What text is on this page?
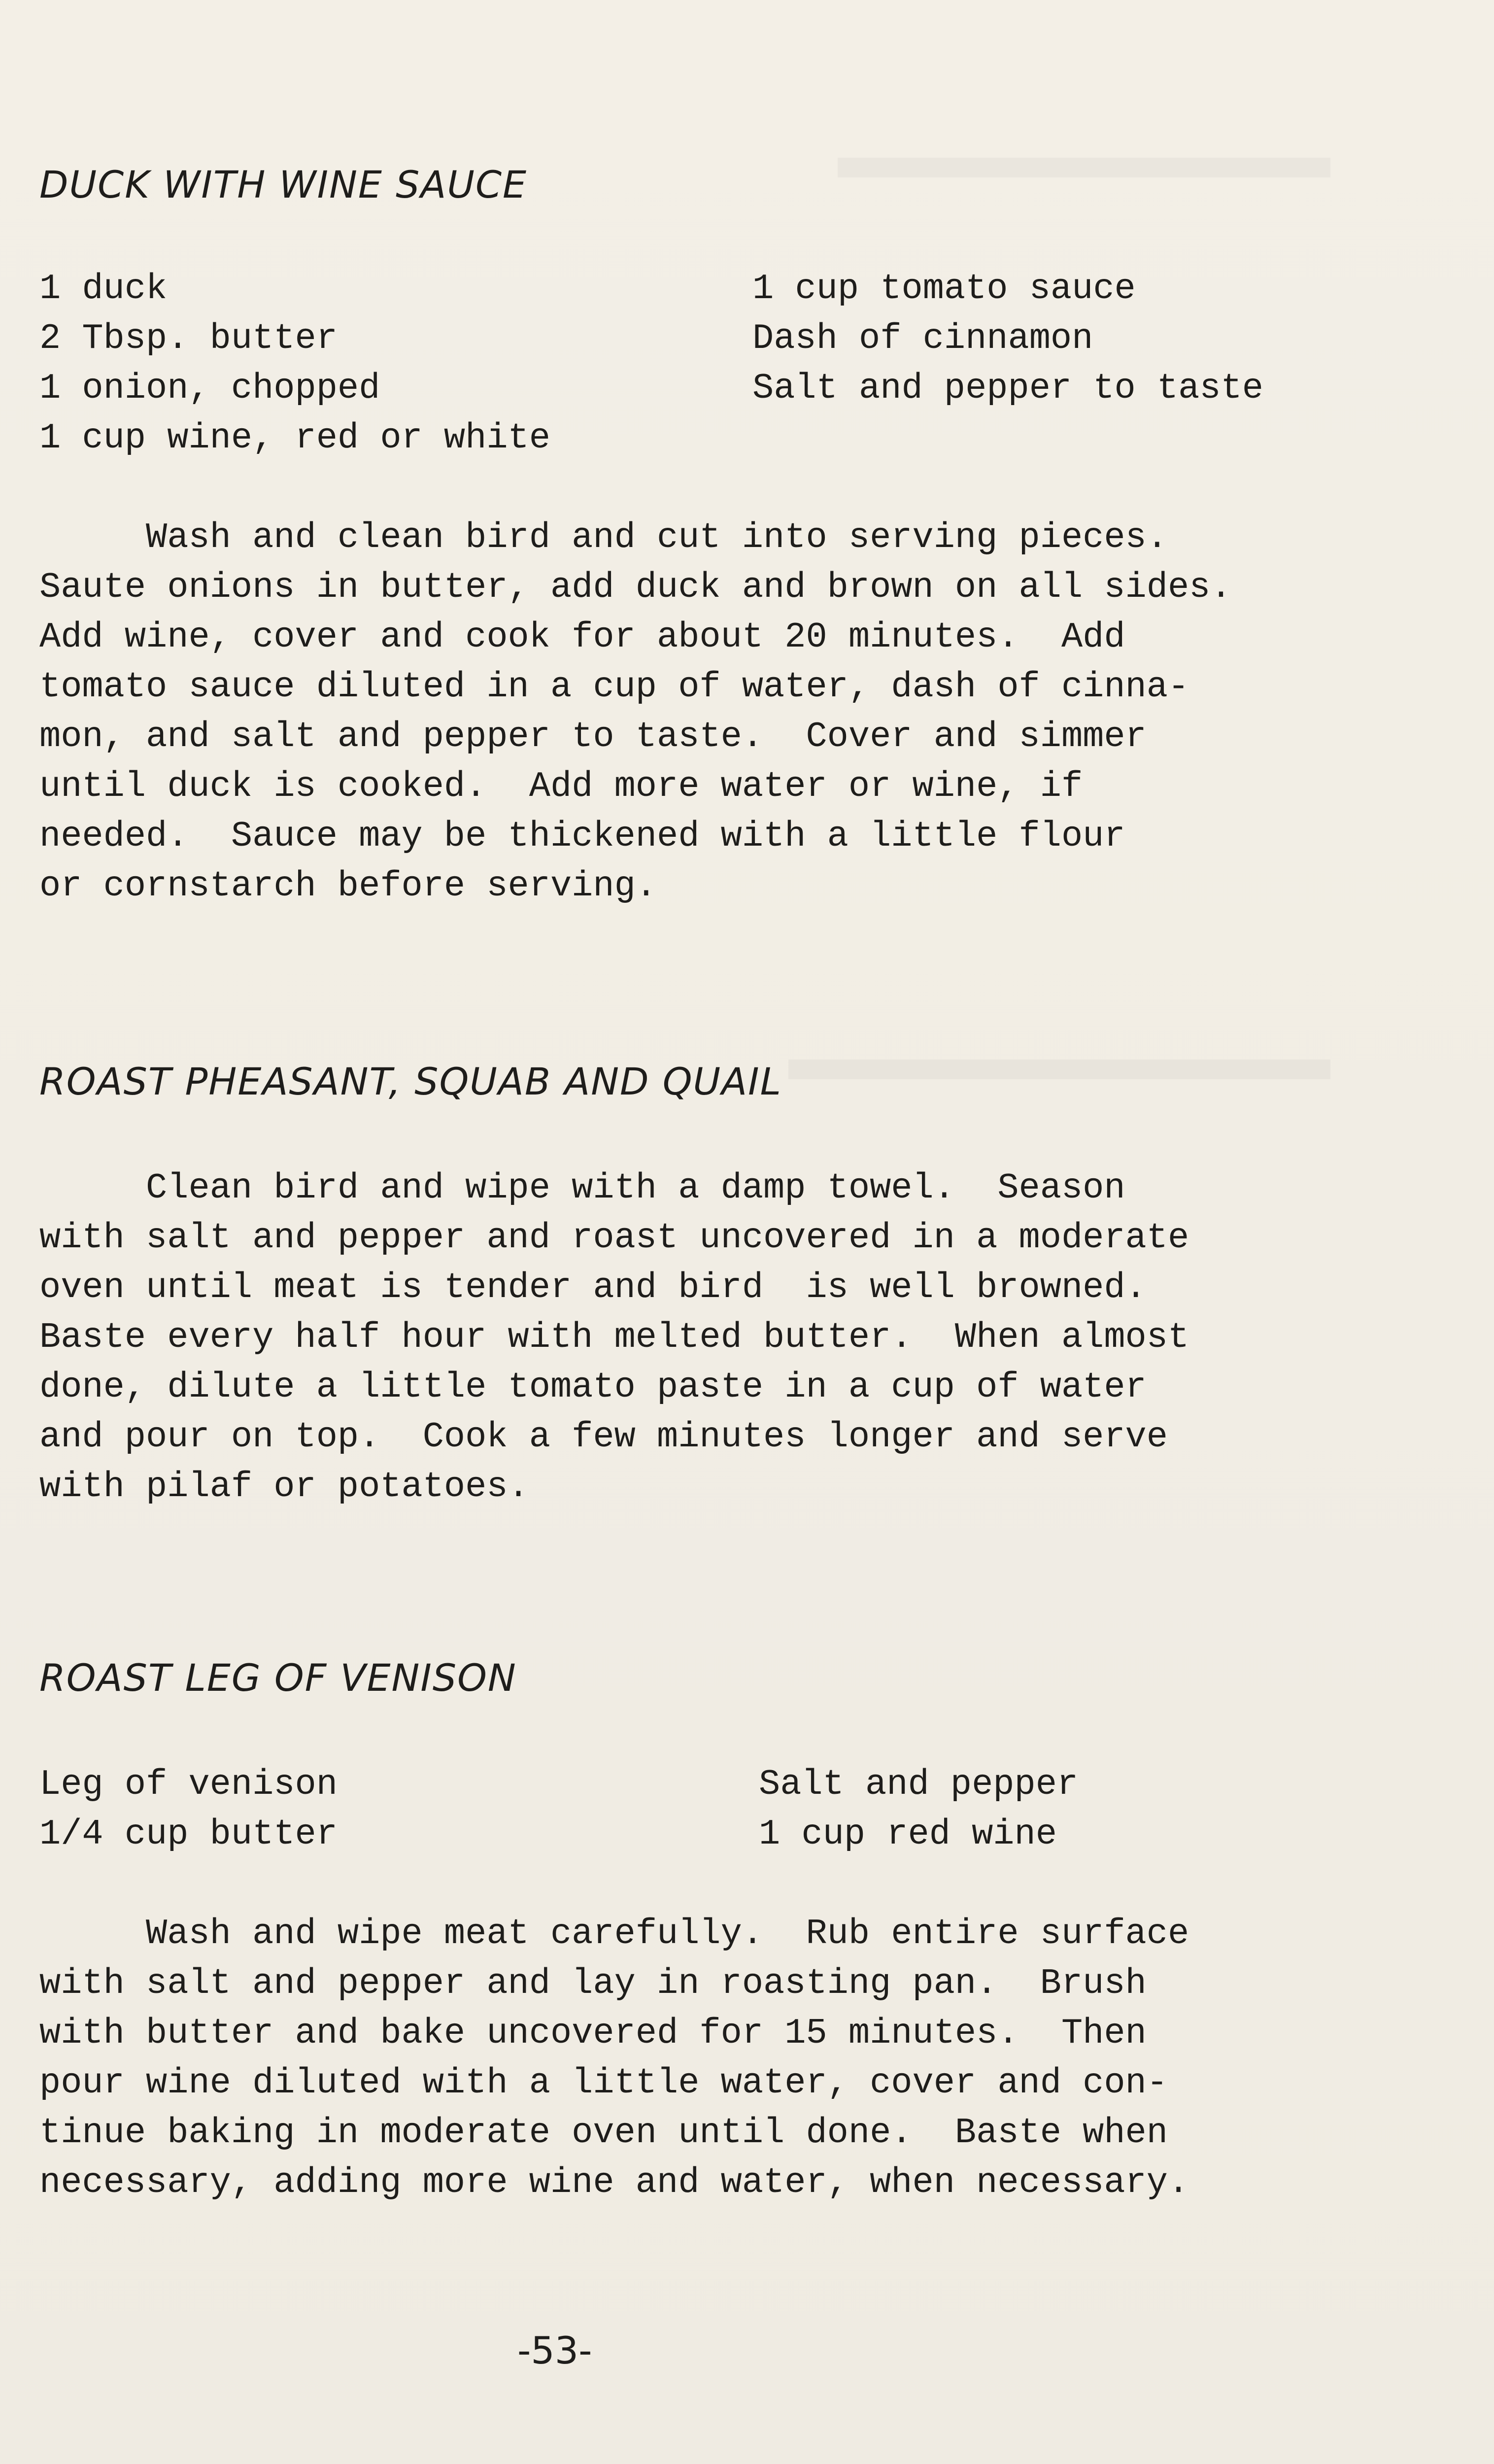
DUCK WITH WINE SAUCE
1 duck
2 Tbsp. butter
1 onion, chopped
1 cup wine, red or white
1 cup tomato sauce
Dash of cinnamon
Salt and pepper to taste
Wash and clean bird and cut into serving pieces.
Saute onions in butter, add duck and brown on all sides.
Add wine, cover and cook for about 20 minutes.  Add
tomato sauce diluted in a cup of water, dash of cinna-
mon, and salt and pepper to taste.  Cover and simmer
until duck is cooked.  Add more water or wine, if
needed.  Sauce may be thickened with a little flour
or cornstarch before serving.
ROAST PHEASANT, SQUAB AND QUAIL
Clean bird and wipe with a damp towel.  Season
with salt and pepper and roast uncovered in a moderate
oven until meat is tender and bird  is well browned.
Baste every half hour with melted butter.  When almost
done, dilute a little tomato paste in a cup of water
and pour on top.  Cook a few minutes longer and serve
with pilaf or potatoes.
ROAST LEG OF VENISON
Leg of venison
1/4 cup butter
Salt and pepper
1 cup red wine
Wash and wipe meat carefully.  Rub entire surface
with salt and pepper and lay in roasting pan.  Brush
with butter and bake uncovered for 15 minutes.  Then
pour wine diluted with a little water, cover and con-
tinue baking in moderate oven until done.  Baste when
necessary, adding more wine and water, when necessary.
-53-
